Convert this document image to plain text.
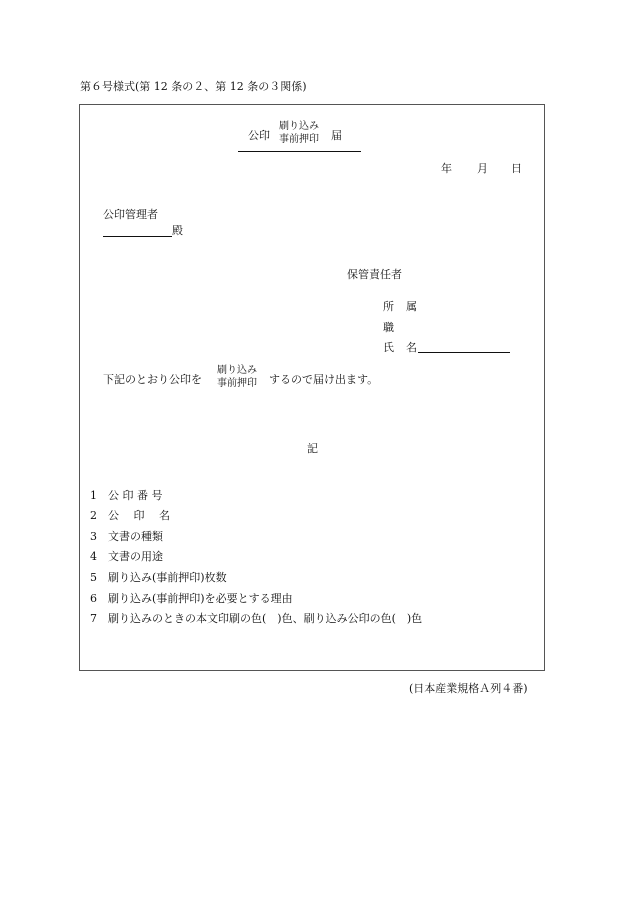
第６号様式(第 12 条の２、第 12 条の３関係)
公印
刷り込み
事前押印 届
年 月 日
公印管理者
殿
保管責任者
所 属
職
氏 名
下記のとおり公印を
刷り込み
事前押印 するので届け出ます。
記
1 公 印 番 号
2 公　 印　 名
3 文書の種類
4 文書の用途
5 刷り込み(事前押印)枚数
6 刷り込み(事前押印)を必要とする理由
7 刷り込みのときの本文印刷の色(　)色、刷り込み公印の色(　)色
(日本産業規格Ａ列４番)
